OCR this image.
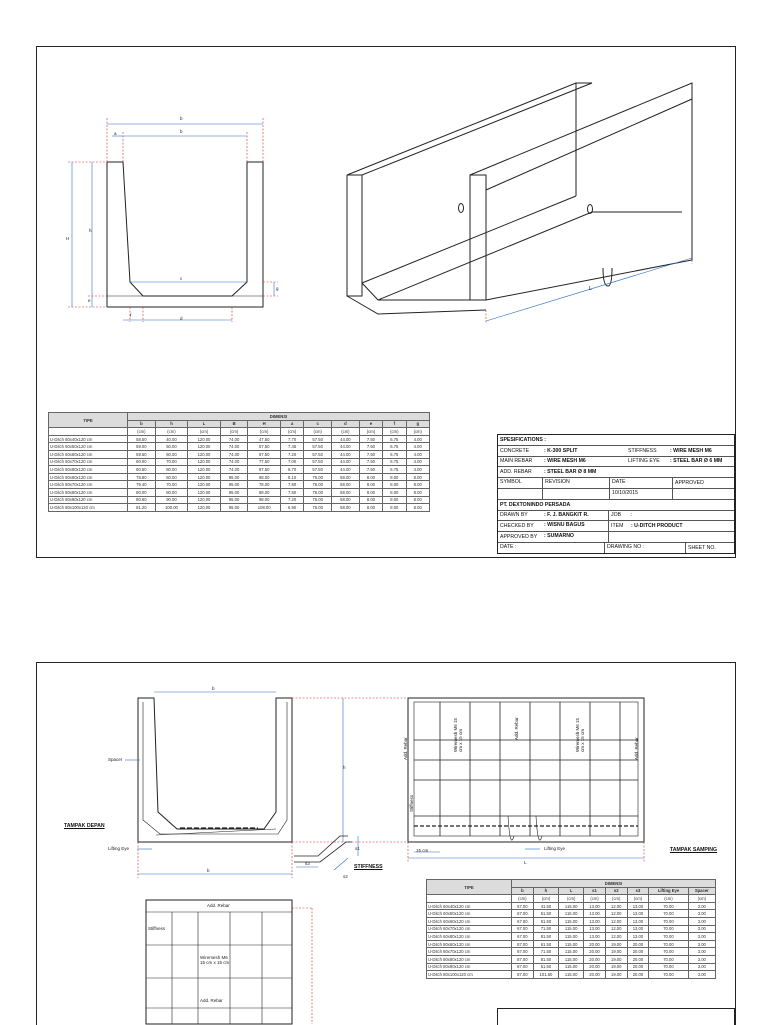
b
b
a
H
h
c
d
e
f
g	L
TIPE	DIMENSI										
	b	h	L	B	H	a	c	d	e	f	g
	(cm)	(cm)	(cm)	(cm)	(cm)	(cm)	(cm)	(cm)	(cm)	(cm)	(cm)
U-Ditch 60x40x120 cm	58.50	40.00	120.00	74.00	47.50	7.70	57.50	44.00	7.50	6.75	4.00
U-Ditch 60x50x120 cm	59.00	50.00	120.00	74.00	57.50	7.45	57.50	44.00	7.50	6.75	4.00
U-Ditch 60x60x120 cm	59.50	60.00	120.00	74.00	67.50	7.20	57.50	44.00	7.50	6.75	4.00
U-Ditch 60x70x120 cm	60.00	70.00	120.00	74.00	77.50	7.00	57.50	44.00	7.50	6.75	4.00
U-Ditch 60x80x120 cm	60.50	80.00	120.00	74.00	87.50	6.70	57.50	44.00	7.50	6.75	4.00
U-Ditch 80x60x120 cm	78.80	60.00	120.00	95.00	68.00	8.10	76.00	58.00	8.00	8.00	8.00
U-Ditch 80x70x120 cm	79.40	70.00	120.00	95.00	78.00	7.80	76.00	58.00	8.00	8.00	8.00
U-Ditch 80x80x120 cm	80.00	80.00	120.00	95.00	88.00	7.50	76.00	58.00	8.00	8.00	8.00
U-Ditch 80x90x120 cm	80.60	90.00	120.00	95.00	98.00	7.20	76.00	58.00	8.00	8.00	8.00
U-Ditch 80x100x120 cm	81.20	100.00	120.00	95.00	108.00	6.90	76.00	58.00	8.00	8.00	8.00
SPESIFICATIONS :
CONCRETE	: K-300 SPLIT	STIFFNESS	: WIRE MESH M6
MAIN REBAR	: WIRE MESH M6	LIFTING EYE	: STEEL BAR Ø 6 MM
ADD. REBAR	: STEEL BAR Ø 8 MM
SYMBOL	REVISION	DATE	APPROVED
10/10/2015
PT. DEXTONINDO PERSADA
DRAWN BY	: F. J. BANGKIT R.	JOB	:
CHECKED BY	: WISNU BAGUS	ITEM	: U-DITCH PRODUCT
APPROVED BY	: SUMARNO
DATE :	DRAWING NO :	SHEET NO.
TAMPAK DEPAN
TAMPAK SAMPING
STIFFNESS
Spacer
Lifting Eye	Lifting Eye
b
b
h
L
15 cm
s1
s2
s3
Add. Rebar
Add. Rebar
Wiremesh M6 15 cm x 15 cm	Wiremesh M6 15 cm x 15 cm	Add. Rebar
Stiffness
Add. Rebar
Add. Rebar
Wiremesh M6 15 cm x 15 cm
Stiffness
TIPE	DIMENSI							
	b	h	L	s1	s2	s3	Lifting Eye	Spacer
	(cm)	(cm)	(cm)	(cm)	(cm)	(cm)	(cm)	(cm)
U-Ditch 60x40x120 cm	67.00	41.50	115.00	13.00	12.00	13.00	70.00	3.00
U-Ditch 60x50x120 cm	67.00	51.50	115.00	13.00	12.00	13.00	70.00	3.00
U-Ditch 60x60x120 cm	67.00	61.50	115.00	13.00	12.00	13.00	70.00	3.00
U-Ditch 60x70x120 cm	67.00	71.50	115.00	13.00	12.00	13.00	70.00	3.00
U-Ditch 60x80x120 cm	67.00	81.50	115.00	13.00	12.00	13.00	70.00	3.00
U-Ditch 80x60x120 cm	87.00	61.50	115.00	20.00	19.00	20.00	70.00	3.00
U-Ditch 80x70x120 cm	87.00	71.50	115.00	20.00	19.00	20.00	70.00	3.00
U-Ditch 80x80x120 cm	87.00	81.50	115.00	20.00	19.00	20.00	70.00	3.00
U-Ditch 80x90x120 cm	87.00	51.50	115.00	20.00	19.00	20.00	70.00	3.00
U-Ditch 80x100x120 cm	87.00	101.50	115.00	20.00	19.00	20.00	70.00	3.00
